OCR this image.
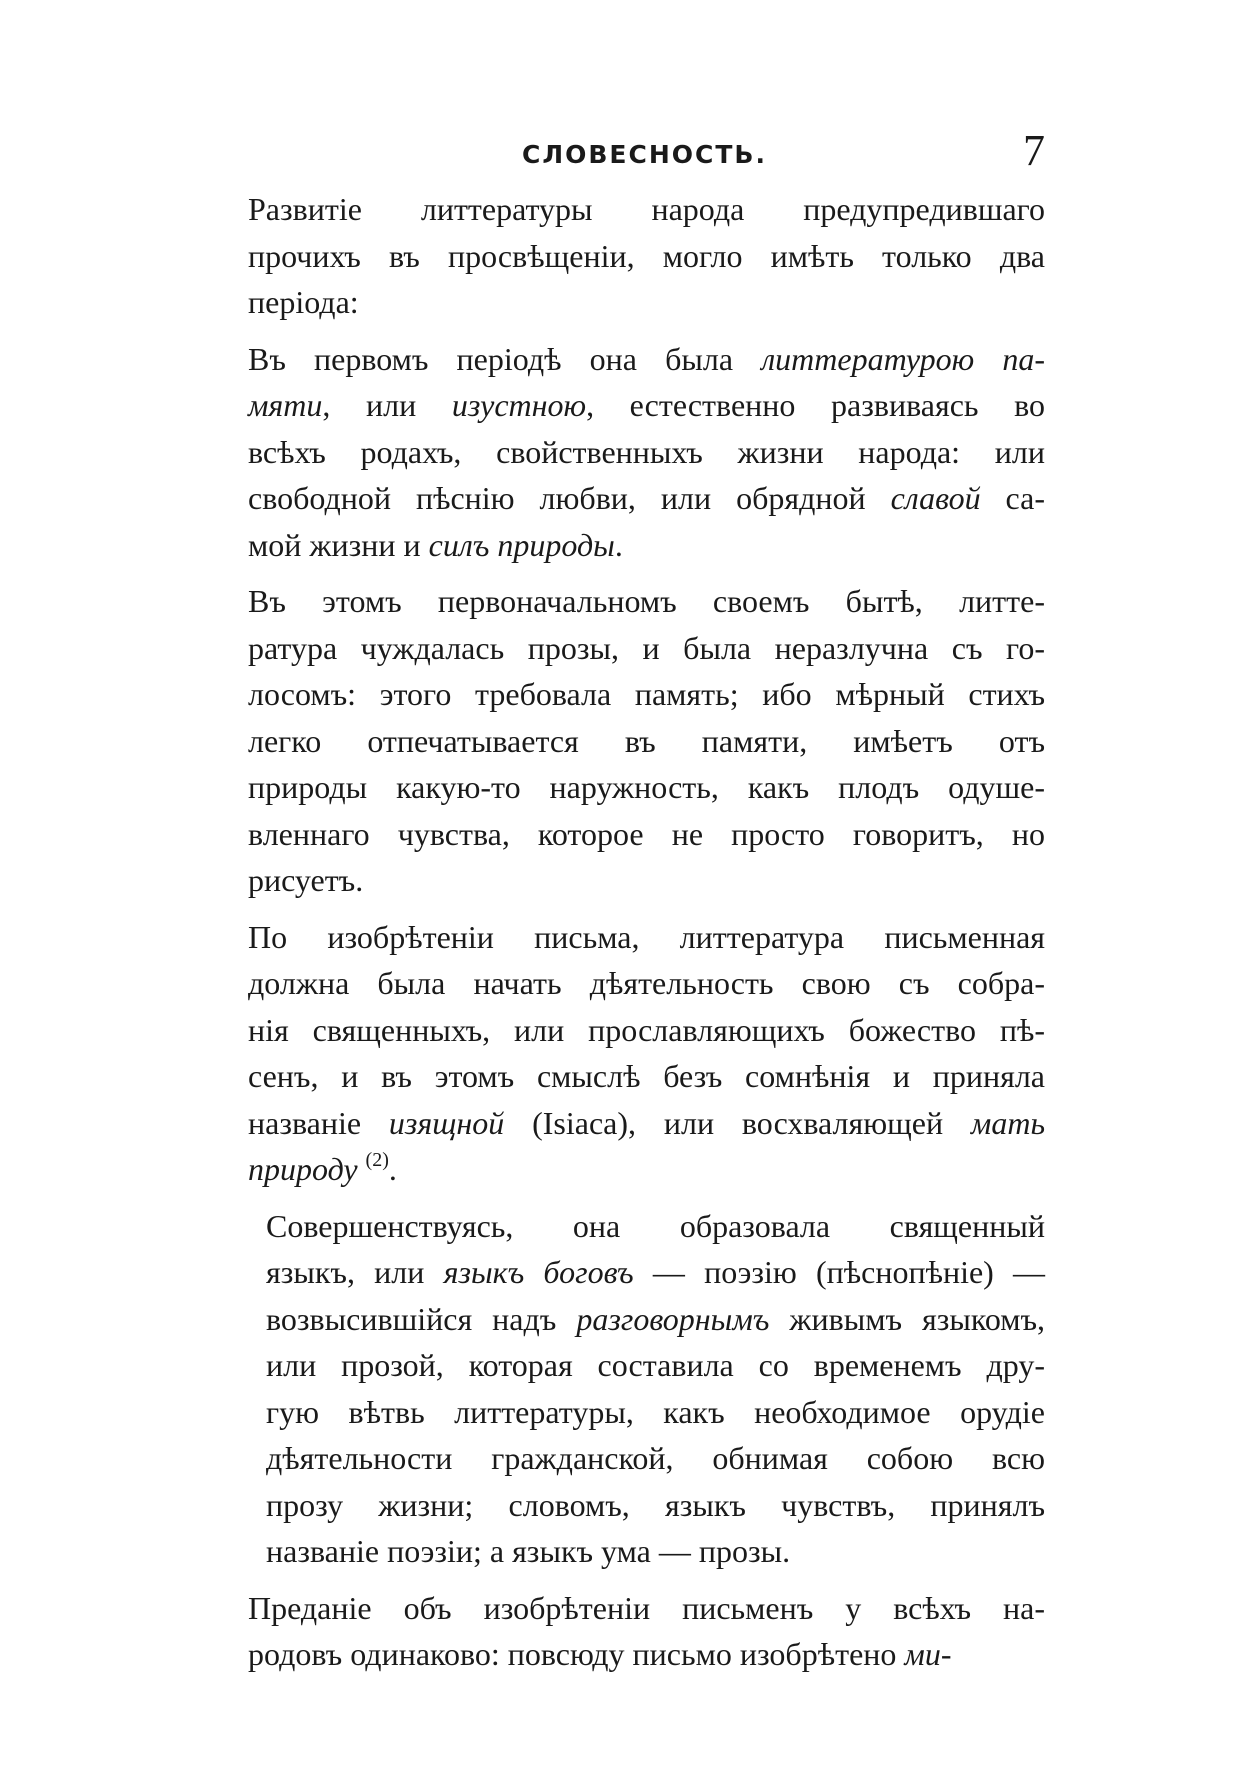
СЛОВЕСНОСТЬ.	7
Развитіе литтературы народа предупредившаго
прочихъ въ просвѣщеніи, могло имѣть только два
періода:
Въ первомъ періодѣ она была литтературою па-
мяти, или изустною, естественно развиваясь во
всѣхъ родахъ, свойственныхъ жизни народа: или
свободной пѣснію любви, или обрядной славой са-
мой жизни и силъ природы.
Въ этомъ первоначальномъ своемъ бытѣ, литте-
ратура чуждалась прозы, и была неразлучна съ го-
лосомъ: этого требовала память; ибо мѣрный стихъ
легко отпечатывается въ памяти, имѣетъ отъ
природы какую-то наружность, какъ плодъ одуше-
вленнаго чувства, которое не просто говоритъ, но
рисуетъ.
По изобрѣтеніи письма, литтература письменная
должна была начать дѣятельность свою съ собра-
нія священныхъ, или прославляющихъ божество пѣ-
сенъ, и въ этомъ смыслѣ безъ сомнѣнія и приняла
названіе изящной (Isiaca), или восхваляющей мать
природу $^{(2)}$.
Совершенствуясь, она образовала священный
языкъ, или языкъ боговъ — поэзію (пѣснопѣніе) —
возвысившійся надъ разговорнымъ живымъ языкомъ,
или прозой, которая составила со временемъ дру-
гую вѣтвь литтературы, какъ необходимое орудіе
дѣятельности гражданской, обнимая собою всю
прозу жизни; словомъ, языкъ чувствъ, принялъ
названіе поэзіи; а языкъ ума — прозы.
Преданіе объ изобрѣтеніи письменъ у всѣхъ на-
родовъ одинаково: повсюду письмо изобрѣтено ми-
